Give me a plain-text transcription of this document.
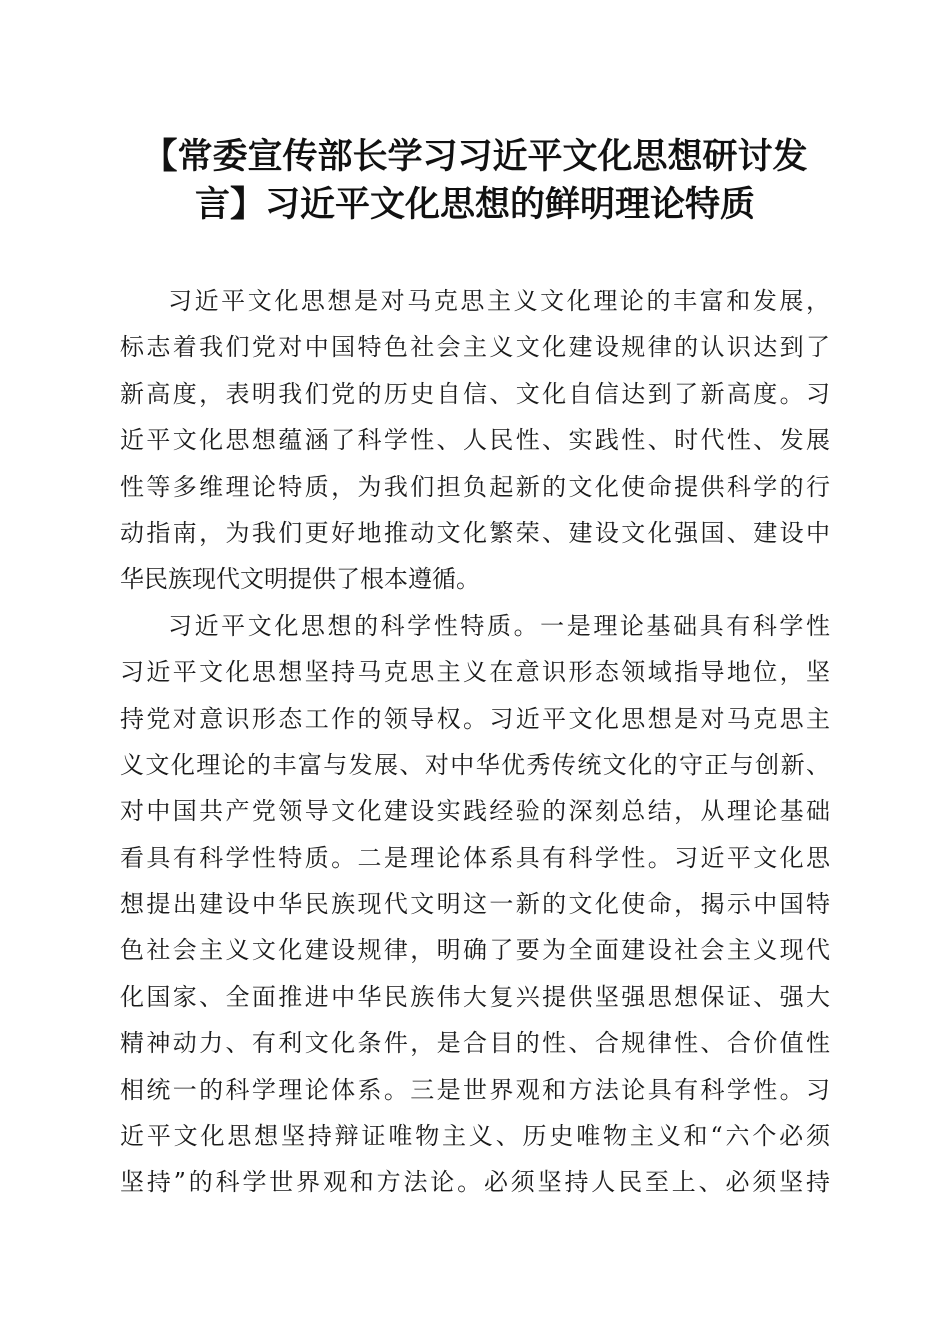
【常委宣传部长学习习近平文化思想研讨发
言】习近平文化思想的鲜明理论特质
习近平文化思想是对马克思主义文化理论的丰富和发展，
标志着我们党对中国特色社会主义文化建设规律的认识达到了
新高度，表明我们党的历史自信、文化自信达到了新高度。习
近平文化思想蕴涵了科学性、人民性、实践性、时代性、发展
性等多维理论特质，为我们担负起新的文化使命提供科学的行
动指南，为我们更好地推动文化繁荣、建设文化强国、建设中
华民族现代文明提供了根本遵循。
习近平文化思想的科学性特质。一是理论基础具有科学性
习近平文化思想坚持马克思主义在意识形态领域指导地位，坚
持党对意识形态工作的领导权。习近平文化思想是对马克思主
义文化理论的丰富与发展、对中华优秀传统文化的守正与创新、
对中国共产党领导文化建设实践经验的深刻总结，从理论基础
看具有科学性特质。二是理论体系具有科学性。习近平文化思
想提出建设中华民族现代文明这一新的文化使命，揭示中国特
色社会主义文化建设规律，明确了要为全面建设社会主义现代
化国家、全面推进中华民族伟大复兴提供坚强思想保证、强大
精神动力、有利文化条件，是合目的性、合规律性、合价值性
相统一的科学理论体系。三是世界观和方法论具有科学性。习
近平文化思想坚持辩证唯物主义、历史唯物主义和“六个必须
坚持”的科学世界观和方法论。必须坚持人民至上、必须坚持
